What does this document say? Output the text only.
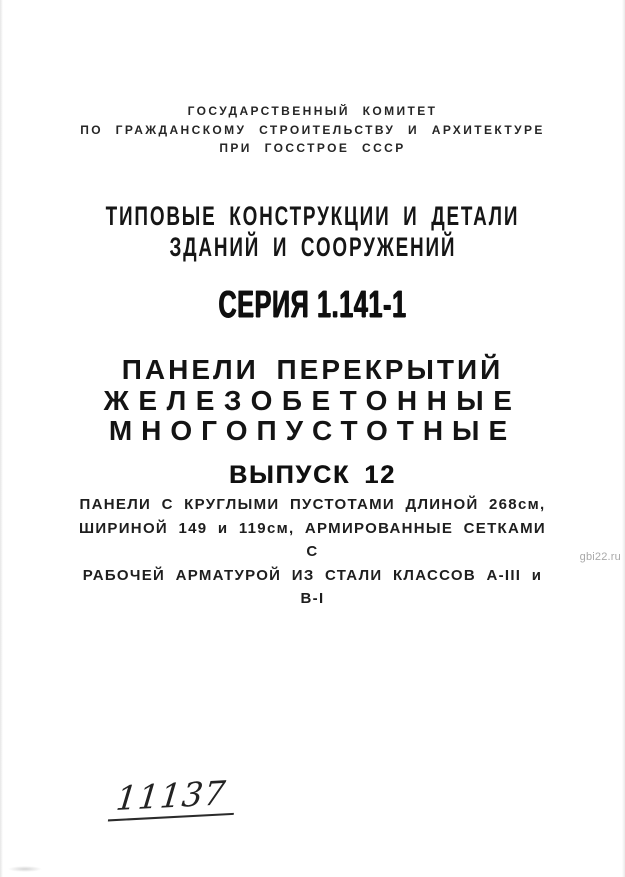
ГОСУДАРСТВЕННЫЙ КОМИТЕТ
ПО ГРАЖДАНСКОМУ СТРОИТЕЛЬСТВУ И АРХИТЕКТУРЕ
ПРИ ГОССТРОЕ СССР
ТИПОВЫЕ КОНСТРУКЦИИ И ДЕТАЛИ
ЗДАНИЙ И СООРУЖЕНИЙ
СЕРИЯ 1.141-1
ПАНЕЛИ ПЕРЕКРЫТИЙ
ЖЕЛЕЗОБЕТОННЫЕ
МНОГОПУСТОТНЫЕ
ВЫПУСК 12
ПАНЕЛИ С КРУГЛЫМИ ПУСТОТАМИ ДЛИНОЙ 268см,
ШИРИНОЙ 149 и 119см, АРМИРОВАННЫЕ СЕТКАМИ С
РАБОЧЕЙ АРМАТУРОЙ ИЗ СТАЛИ КЛАССОВ А-III и В-I
gbi22.ru
11137
